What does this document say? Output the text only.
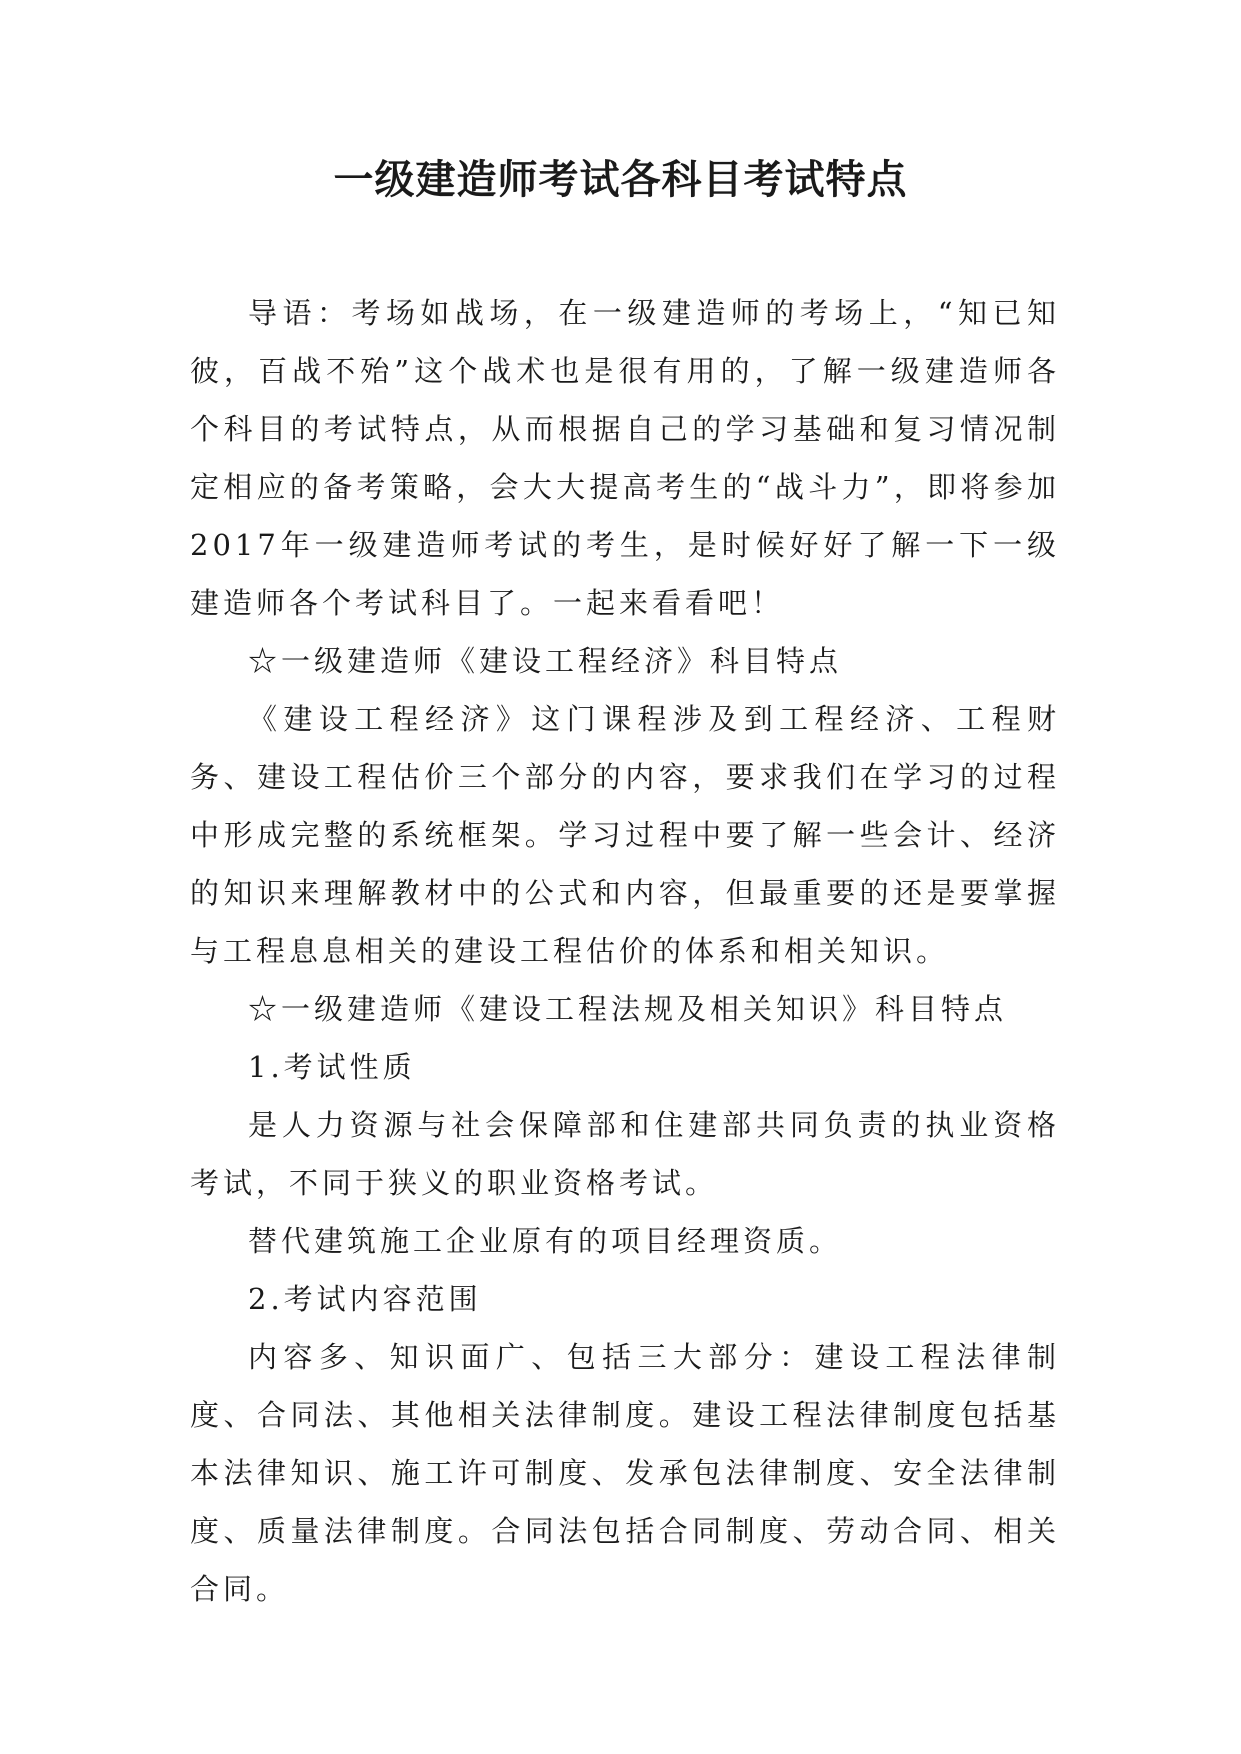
一级建造师考试各科目考试特点

导语：考场如战场，在一级建造师的考场上，“知已知彼，百战不殆”这个战术也是很有用的，了解一级建造师各个科目的考试特点，从而根据自己的学习基础和复习情况制定相应的备考策略，会大大提高考生的“战斗力”，即将参加2017年一级建造师考试的考生，是时候好好了解一下一级建造师各个考试科目了。一起来看看吧！

☆一级建造师《建设工程经济》科目特点

《建设工程经济》这门课程涉及到工程经济、工程财务、建设工程估价三个部分的内容，要求我们在学习的过程中形成完整的系统框架。学习过程中要了解一些会计、经济的知识来理解教材中的公式和内容，但最重要的还是要掌握与工程息息相关的建设工程估价的体系和相关知识。

☆一级建造师《建设工程法规及相关知识》科目特点

1.考试性质

是人力资源与社会保障部和住建部共同负责的执业资格考试，不同于狭义的职业资格考试。

替代建筑施工企业原有的项目经理资质。

2.考试内容范围

内容多、知识面广、包括三大部分：建设工程法律制度、合同法、其他相关法律制度。建设工程法律制度包括基本法律知识、施工许可制度、发承包法律制度、安全法律制度、质量法律制度。合同法包括合同制度、劳动合同、相关合同。
